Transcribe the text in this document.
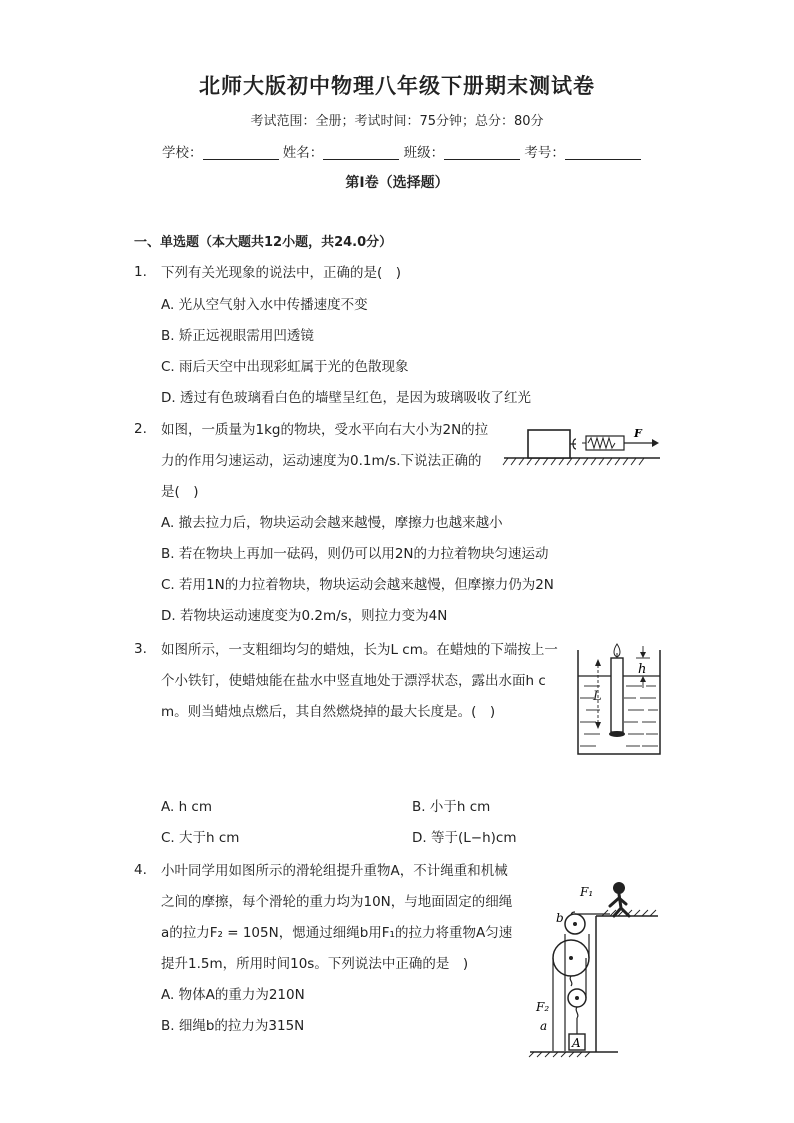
北师大版初中物理八年级下册期末测试卷
考试范围：全册；考试时间：75分钟；总分：80分
学校：	姓名：	班级：	考号：
第Ⅰ卷（选择题）
一、单选题（本大题共12小题，共24.0分）
1. 下列有关光现象的说法中，正确的是(　)
A. 光从空气射入水中传播速度不变
B. 矫正远视眼需用凹透镜
C. 雨后天空中出现彩虹属于光的色散现象
D. 透过有色玻璃看白色的墙壁呈红色，是因为玻璃吸收了红光
2. 如图，一质量为1kg的物块，受水平向右大小为2N的拉
力的作用匀速运动，运动速度为0.1m/s.下说法正确的
是(　)
A. 撤去拉力后，物块运动会越来越慢，摩擦力也越来越小
B. 若在物块上再加一砝码，则仍可以用2N的力拉着物块匀速运动
C. 若用1N的力拉着物块，物块运动会越来越慢，但摩擦力仍为2N
D. 若物块运动速度变为0.2m/s，则拉力变为4N
F
3. 如图所示，一支粗细均匀的蜡烛，长为L cm。在蜡烛的下端按上一
个小铁钉，使蜡烛能在盐水中竖直地处于漂浮状态，露出水面h c
m。则当蜡烛点燃后，其自然燃烧掉的最大长度是。(　)
h
L
A. h cm	B. 小于h cm
C. 大于h cm	D. 等于(L−h)cm
4. 小叶同学用如图所示的滑轮组提升重物A，不计绳重和机械
之间的摩擦，每个滑轮的重力均为10N，与地面固定的细绳
a的拉力F₂ = 105N，愢通过细绳b用F₁的拉力将重物A匀速
提升1.5m，所用时间10s。下列说法中正确的是　)
A. 物体A的重力为210N
B. 细绳b的拉力为315N
A
F₁
b
F₂
a
